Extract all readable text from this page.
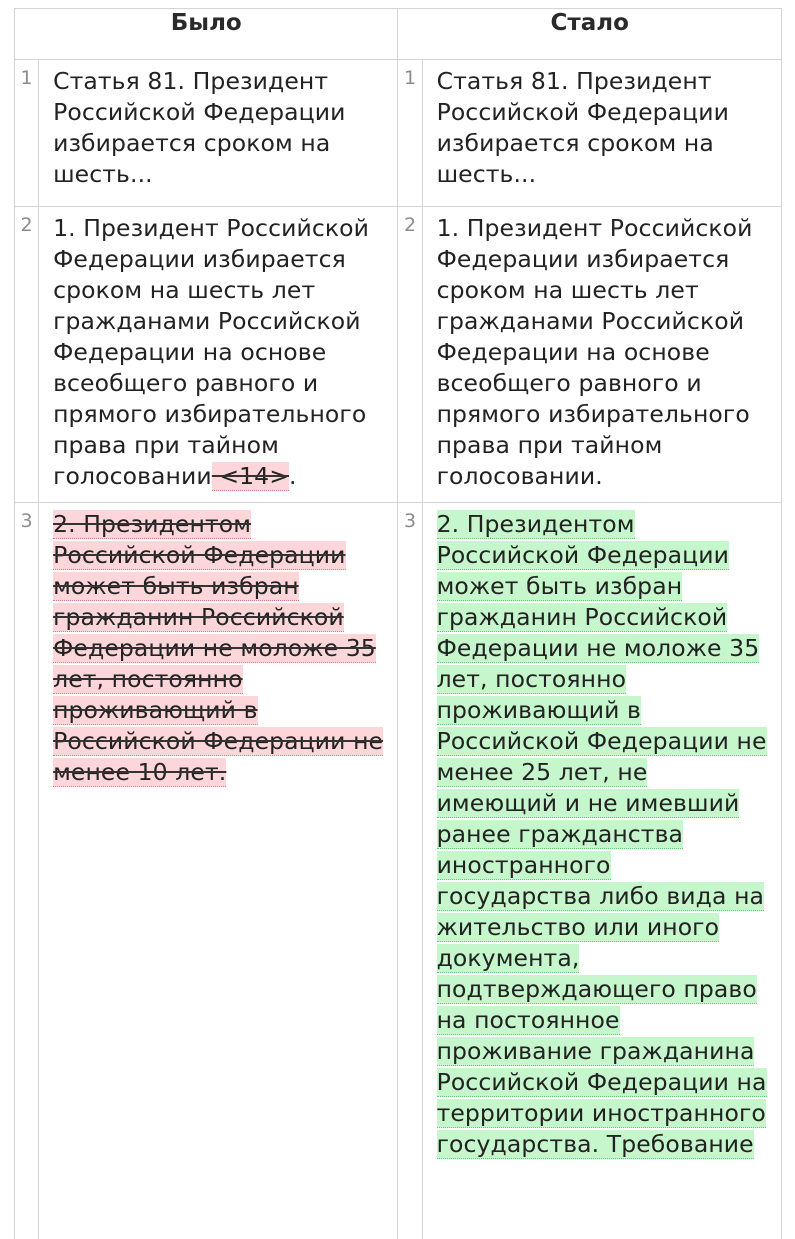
Было		Стало	
1	Статья 81. Президент Российской Федерации избирается сроком на шесть...	1	Статья 81. Президент Российской Федерации избирается сроком на шесть...
2	1. Президент Российской Федерации избирается сроком на шесть лет гражданами Российской Федерации на основе всеобщего равного и прямого избирательного права при тайном голосовании <14>.	2	1. Президент Российской Федерации избирается сроком на шесть лет гражданами Российской Федерации на основе всеобщего равного и прямого избирательного права при тайном голосовании.
3	2. Президентом Российской Федерации может быть избран гражданин Российской Федерации не моложе 35 лет, постоянно проживающий в Российской Федерации не менее 10 лет.	3	2. Президентом Российской Федерации может быть избран гражданин Российской Федерации не моложе 35 лет, постоянно проживающий в Российской Федерации не менее 25 лет, не имеющий и не имевший ранее гражданства иностранного государства либо вида на жительство или иного документа, подтверждающего право на постоянное проживание гражданина Российской Федерации на территории иностранного государства. Требование
